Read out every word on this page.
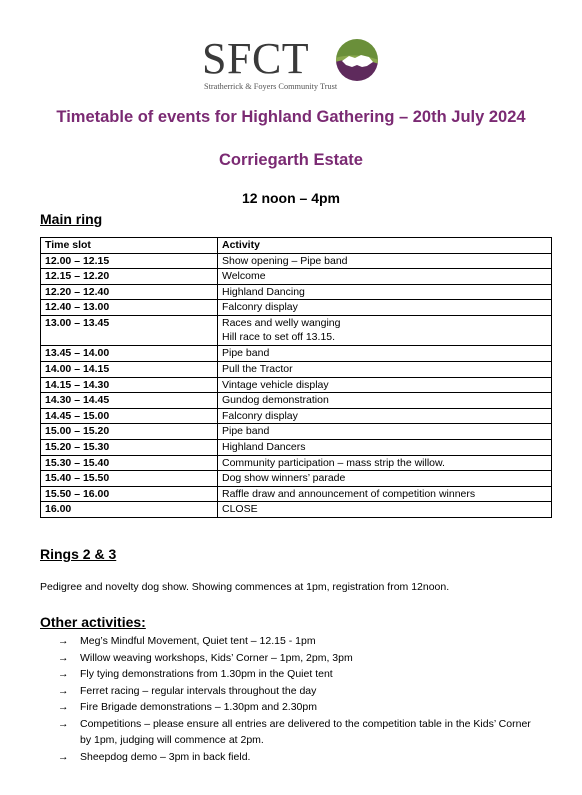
SFCT
Stratherrick & Foyers Community Trust
Timetable of events for Highland Gathering – 20th July 2024
Corriegarth Estate
12 noon – 4pm
Main ring
Time slot	Activity
12.00 – 12.15	Show opening – Pipe band
12.15 – 12.20	Welcome
12.20 – 12.40	Highland Dancing
12.40 – 13.00	Falconry display
13.00 – 13.45	Races and welly wanging
Hill race to set off 13.15.

13.45 – 14.00	Pipe band
14.00 – 14.15	Pull the Tractor
14.15 – 14.30	Vintage vehicle display
14.30 – 14.45	Gundog demonstration
14.45 – 15.00	Falconry display
15.00 – 15.20	Pipe band
15.20 – 15.30	Highland Dancers
15.30 – 15.40	Community participation – mass strip the willow.
15.40 – 15.50	Dog show winners’ parade
15.50 – 16.00	Raffle draw and announcement of competition winners
16.00	CLOSE
Rings 2 & 3
Pedigree and novelty dog show. Showing commences at 1pm, registration from 12noon.
Other activities:
→ Meg’s Mindful Movement, Quiet tent – 12.15 - 1pm
→ Willow weaving workshops, Kids’ Corner – 1pm, 2pm, 3pm
→ Fly tying demonstrations from 1.30pm in the Quiet tent
→ Ferret racing – regular intervals throughout the day
→ Fire Brigade demonstrations – 1.30pm and 2.30pm
→ Competitions – please ensure all entries are delivered to the competition table in the Kids’ Corner by 1pm, judging will commence at 2pm.
→ Sheepdog demo – 3pm in back field.
